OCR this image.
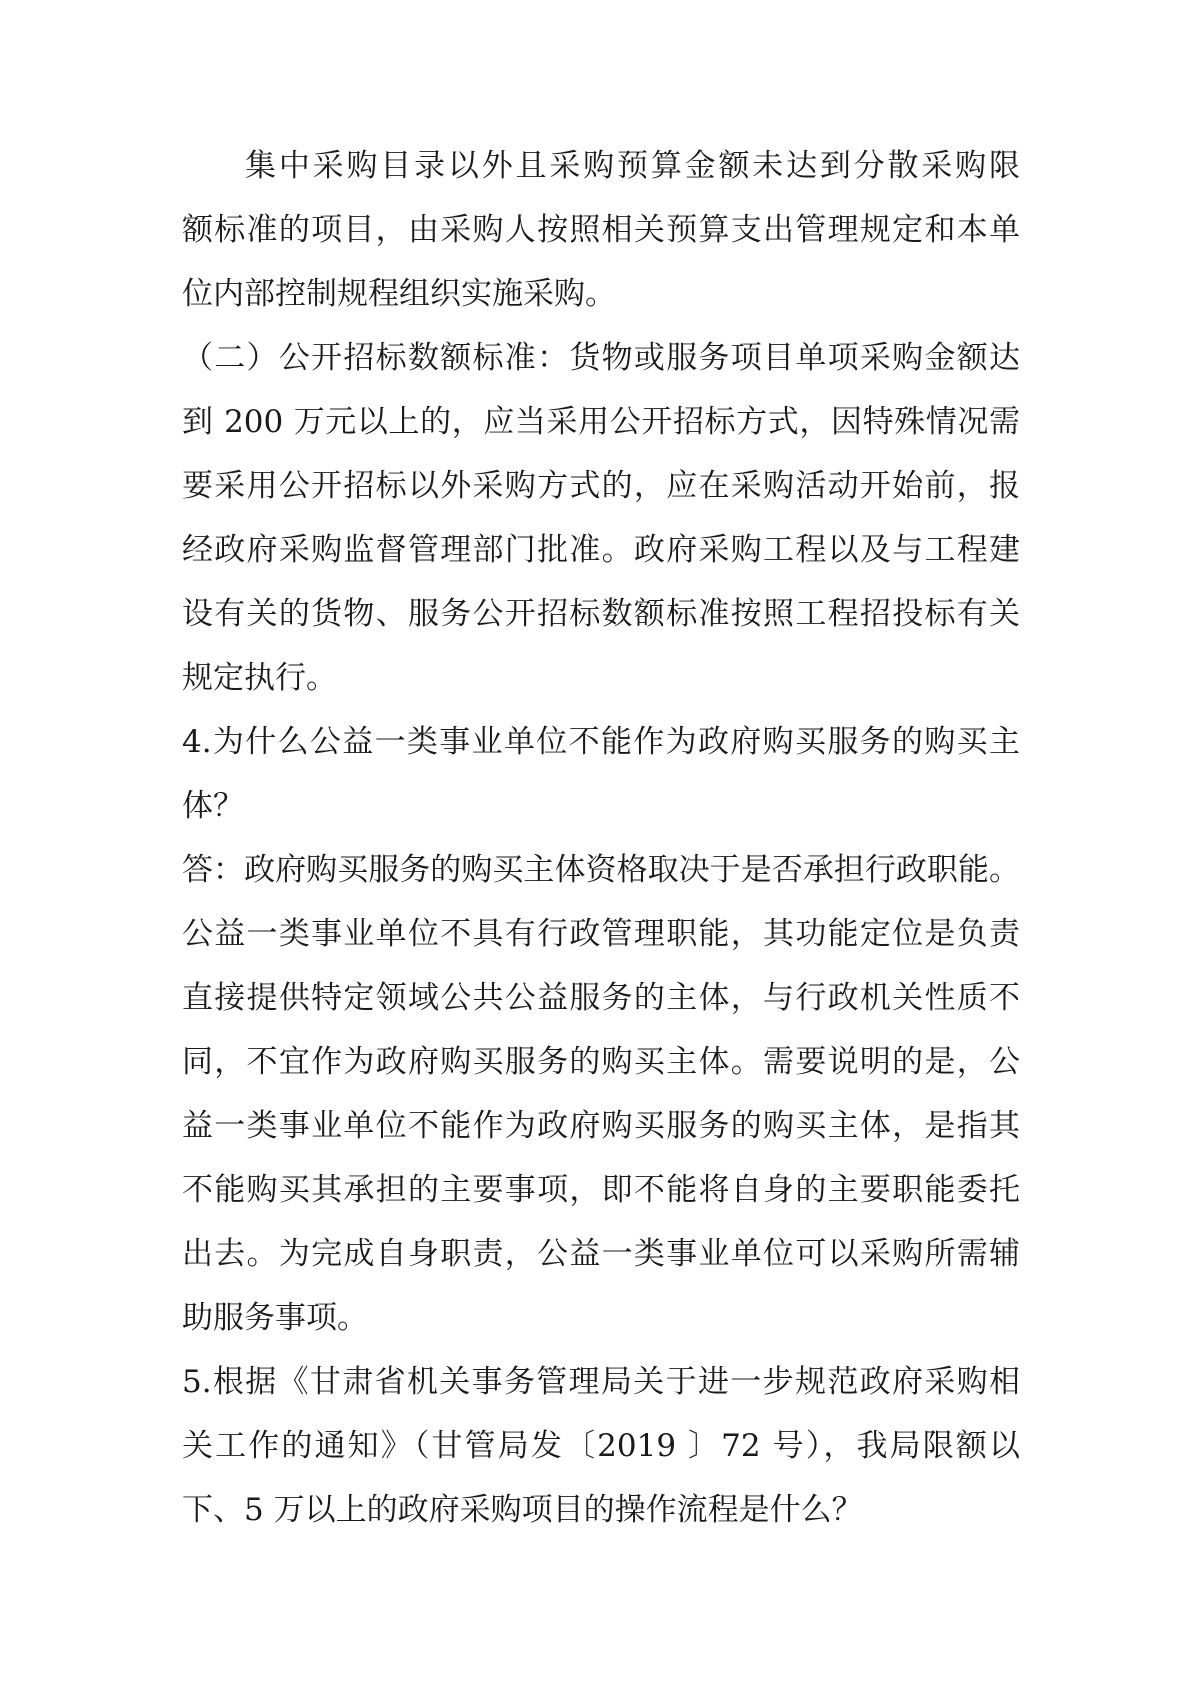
集中采购目录以外且采购预算金额未达到分散采购限
额标准的项目，由采购人按照相关预算支出管理规定和本单
位内部控制规程组织实施采购。
（二）公开招标数额标准：货物或服务项目单项采购金额达
到 200 万元以上的，应当采用公开招标方式，因特殊情况需
要采用公开招标以外采购方式的，应在采购活动开始前，报
经政府采购监督管理部门批准。政府采购工程以及与工程建
设有关的货物、服务公开招标数额标准按照工程招投标有关
规定执行。
4.为什么公益一类事业单位不能作为政府购买服务的购买主
体？
答：政府购买服务的购买主体资格取决于是否承担行政职能。
公益一类事业单位不具有行政管理职能，其功能定位是负责
直接提供特定领域公共公益服务的主体，与行政机关性质不
同，不宜作为政府购买服务的购买主体。需要说明的是，公
益一类事业单位不能作为政府购买服务的购买主体，是指其
不能购买其承担的主要事项，即不能将自身的主要职能委托
出去。为完成自身职责，公益一类事业单位可以采购所需辅
助服务事项。
5.根据《甘肃省机关事务管理局关于进一步规范政府采购相
关工作的通知》（甘管局发〔2019 〕72 号），我局限额以
下、5 万以上的政府采购项目的操作流程是什么？
